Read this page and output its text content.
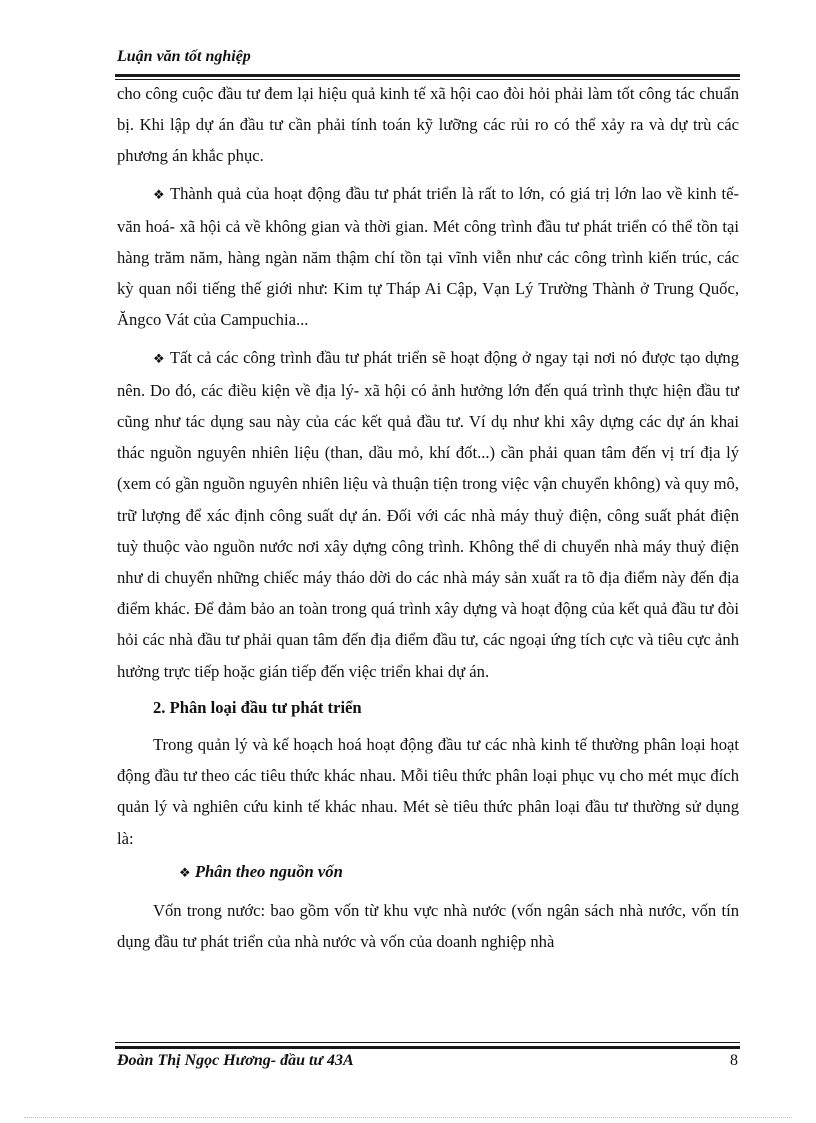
Luận văn tốt nghiệp

cho công cuộc đầu tư đem lại hiệu quả kinh tế xã hội cao đòi hỏi phải làm tốt công tác chuẩn bị. Khi lập dự án đầu tư cần phải tính toán kỹ lưỡng các rủi ro có thể xảy ra và dự trù các phương án khắc phục.

❖ Thành quả của hoạt động đầu tư phát triển là rất to lớn, có giá trị lớn lao về kinh tế- văn hoá- xã hội cả về không gian và thời gian. Mét công trình đầu tư phát triển có thể tồn tại hàng trăm năm, hàng ngàn năm thậm chí tồn tại vĩnh viễn như các công trình kiến trúc, các kỳ quan nổi tiếng thế giới như: Kim tự Tháp Ai Cập, Vạn Lý Trường Thành ở Trung Quốc, Ăngco Vát của Campuchia...

❖ Tất cả các công trình đầu tư phát triển sẽ hoạt động ở ngay tại nơi nó được tạo dựng nên. Do đó, các điều kiện về địa lý- xã hội có ảnh hưởng lớn đến quá trình thực hiện đầu tư cũng như tác dụng sau này của các kết quả đầu tư. Ví dụ như khi xây dựng các dự án khai thác nguồn nguyên nhiên liệu (than, dầu mỏ, khí đốt...) cần phải quan tâm đến vị trí địa lý (xem có gần nguồn nguyên nhiên liệu và thuận tiện trong việc vận chuyển không) và quy mô, trữ lượng để xác định công suất dự án. Đối với các nhà máy thuỷ điện, công suất phát điện tuỳ thuộc vào nguồn nước nơi xây dựng công trình. Không thể di chuyển nhà máy thuỷ điện như di chuyển những chiếc máy tháo dời do các nhà máy sản xuất ra tõ địa điểm này đến địa điểm khác. Để đảm bảo an toàn trong quá trình xây dựng và hoạt động của kết quả đầu tư đòi hỏi các nhà đầu tư phải quan tâm đến địa điểm đầu tư, các ngoại ứng tích cực và tiêu cực ảnh hưởng trực tiếp hoặc gián tiếp đến việc triển khai dự án.

2. Phân loại đầu tư phát triển

Trong quản lý và kế hoạch hoá hoạt động đầu tư các nhà kinh tế thường phân loại hoạt động đầu tư theo các tiêu thức khác nhau. Mỗi tiêu thức phân loại phục vụ cho mét mục đích quản lý và nghiên cứu kinh tế khác nhau. Mét sè tiêu thức phân loại đầu tư thường sử dụng là:

❖ Phân theo nguồn vốn

Vốn trong nước: bao gồm vốn từ khu vực nhà nước (vốn ngân sách nhà nước, vốn tín dụng đầu tư phát triển của nhà nước và vốn của doanh nghiệp nhà

Đoàn Thị Ngọc Hương- đầu tư 43A	8
